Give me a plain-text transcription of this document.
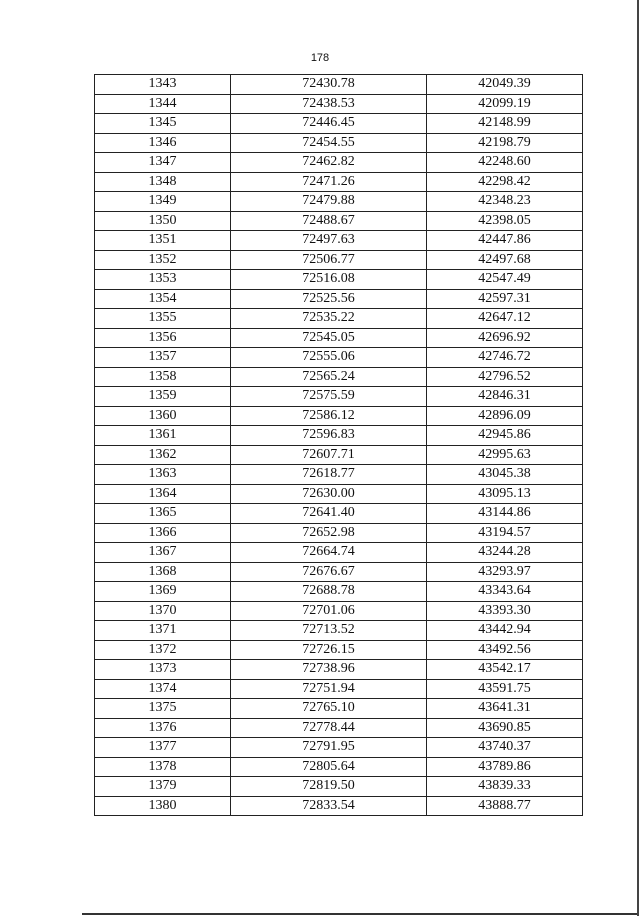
178
1343	72430.78	42049.39
1344	72438.53	42099.19
1345	72446.45	42148.99
1346	72454.55	42198.79
1347	72462.82	42248.60
1348	72471.26	42298.42
1349	72479.88	42348.23
1350	72488.67	42398.05
1351	72497.63	42447.86
1352	72506.77	42497.68
1353	72516.08	42547.49
1354	72525.56	42597.31
1355	72535.22	42647.12
1356	72545.05	42696.92
1357	72555.06	42746.72
1358	72565.24	42796.52
1359	72575.59	42846.31
1360	72586.12	42896.09
1361	72596.83	42945.86
1362	72607.71	42995.63
1363	72618.77	43045.38
1364	72630.00	43095.13
1365	72641.40	43144.86
1366	72652.98	43194.57
1367	72664.74	43244.28
1368	72676.67	43293.97
1369	72688.78	43343.64
1370	72701.06	43393.30
1371	72713.52	43442.94
1372	72726.15	43492.56
1373	72738.96	43542.17
1374	72751.94	43591.75
1375	72765.10	43641.31
1376	72778.44	43690.85
1377	72791.95	43740.37
1378	72805.64	43789.86
1379	72819.50	43839.33
1380	72833.54	43888.77
